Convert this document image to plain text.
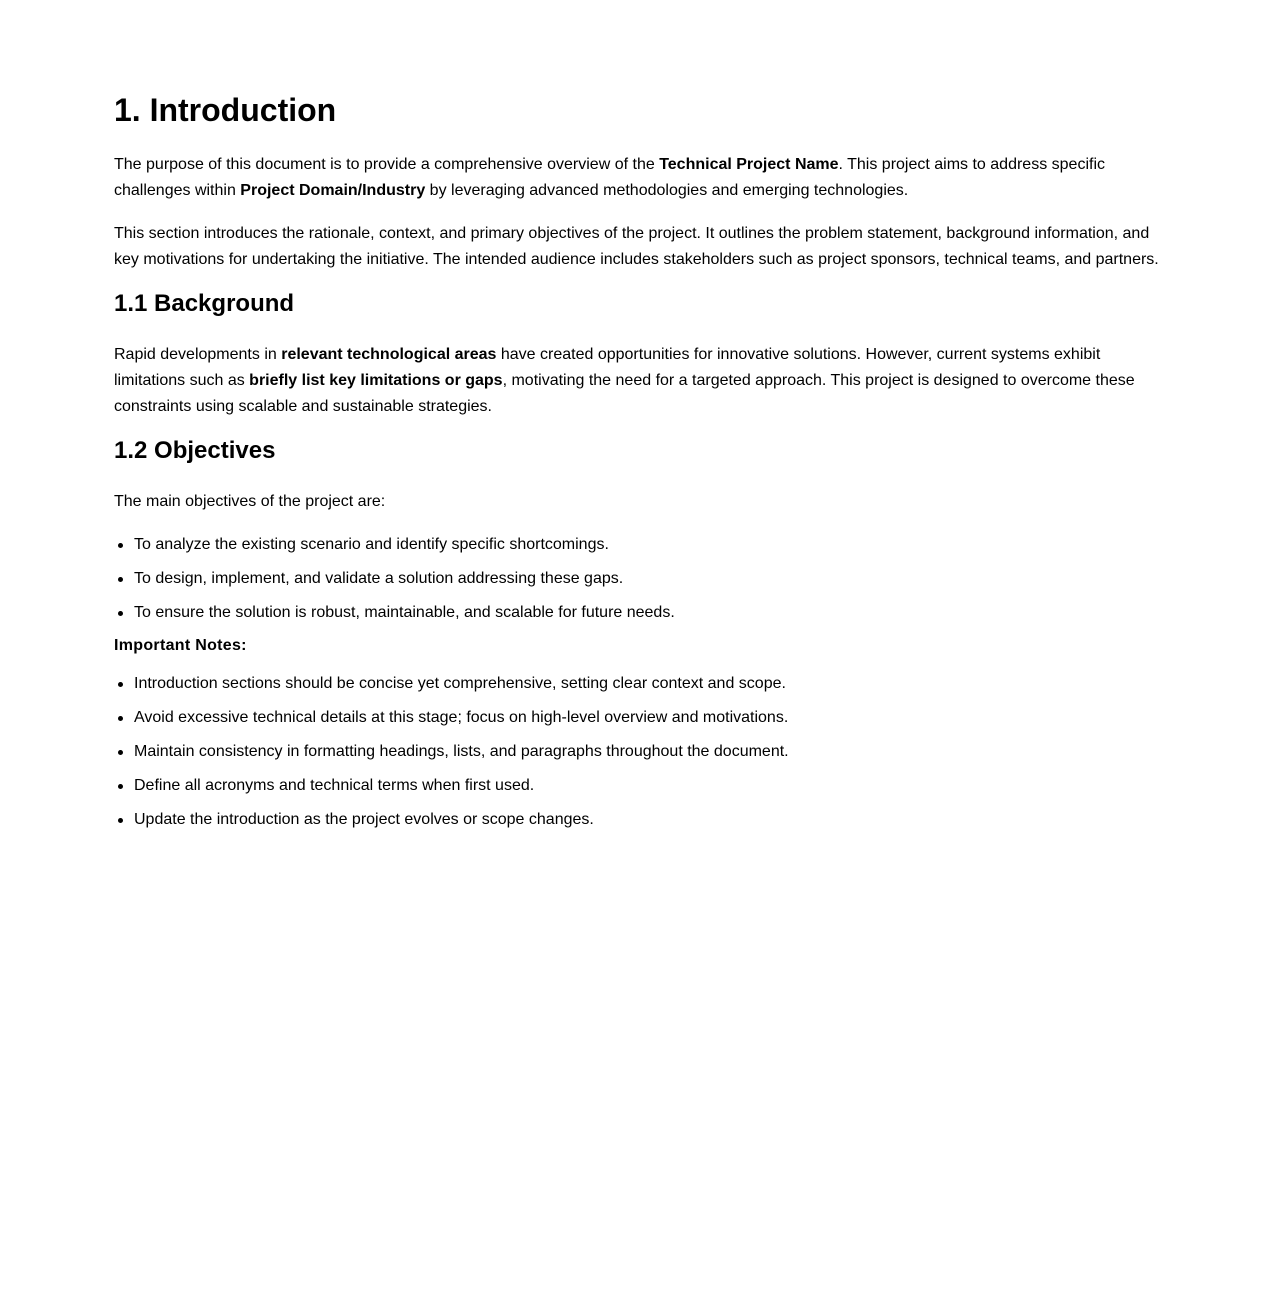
1. Introduction

The purpose of this document is to provide a comprehensive overview of the Technical Project Name. This project aims to address specific challenges within Project Domain/Industry by leveraging advanced methodologies and emerging technologies.

This section introduces the rationale, context, and primary objectives of the project. It outlines the problem statement, background information, and key motivations for undertaking the initiative. The intended audience includes stakeholders such as project sponsors, technical teams, and partners.

1.1 Background

Rapid developments in relevant technological areas have created opportunities for innovative solutions. However, current systems exhibit limitations such as briefly list key limitations or gaps, motivating the need for a targeted approach. This project is designed to overcome these constraints using scalable and sustainable strategies.

1.2 Objectives

The main objectives of the project are:

To analyze the existing scenario and identify specific shortcomings.
To design, implement, and validate a solution addressing these gaps.
To ensure the solution is robust, maintainable, and scalable for future needs.
Important Notes:
Introduction sections should be concise yet comprehensive, setting clear context and scope.
Avoid excessive technical details at this stage; focus on high-level overview and motivations.
Maintain consistency in formatting headings, lists, and paragraphs throughout the document.
Define all acronyms and technical terms when first used.
Update the introduction as the project evolves or scope changes.
